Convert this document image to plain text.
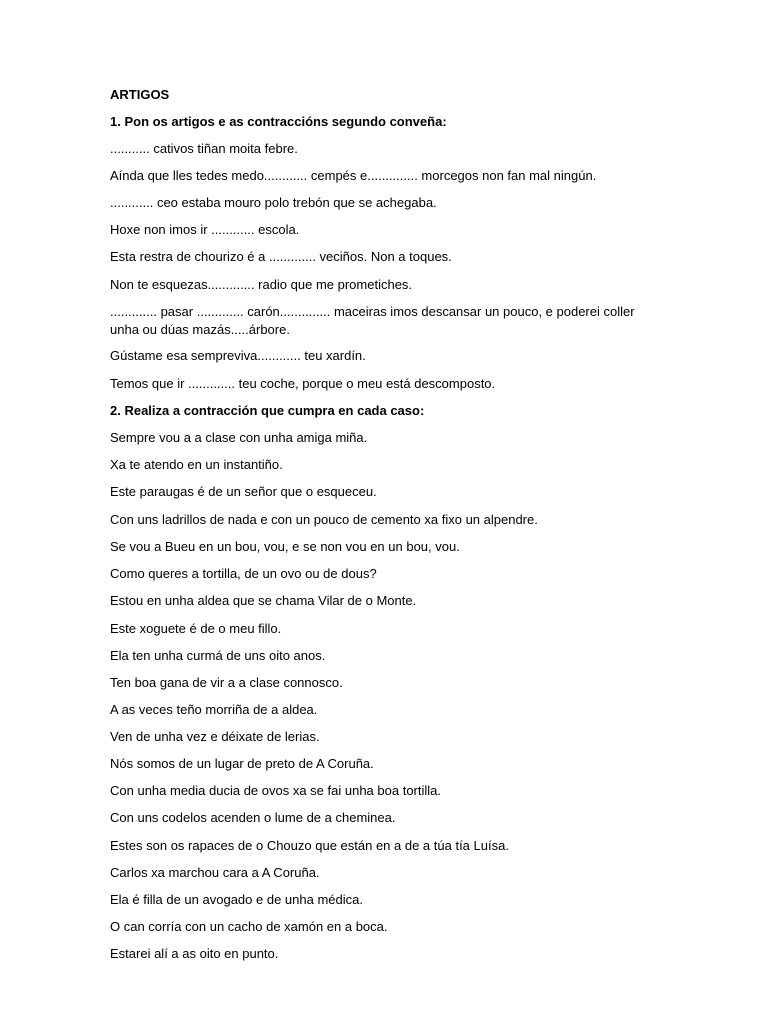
ARTIGOS
1. Pon os artigos e as contraccións segundo conveña:
........... cativos tiñan moita febre.
Aínda que lles tedes medo............ cempés e.............. morcegos non fan mal ningún.
............ ceo estaba mouro polo trebón que se achegaba.
Hoxe non imos ir ............ escola.
Esta restra de chourizo é a ............. veciños. Non a toques.
Non te esquezas............. radio que me prometiches.
............. pasar ............. carón.............. maceiras imos descansar un pouco, e poderei coller unha ou dúas mazás.....árbore.
Gústame esa sempreviva............ teu xardín.
Temos que ir ............. teu coche, porque o meu está descomposto.
2. Realiza a contracción que cumpra en cada caso:
Sempre vou a a clase con unha amiga miña.
Xa te atendo en un instantiño.
Este paraugas é de un señor que o esqueceu.
Con uns ladrillos de nada e con un pouco de cemento xa fixo un alpendre.
Se vou a Bueu en un bou, vou, e se non vou en un bou, vou.
Como queres a tortilla, de un ovo ou de dous?
Estou en unha aldea que se chama Vilar de o Monte.
Este xoguete é de o meu fillo.
Ela ten unha curmá de uns oito anos.
Ten boa gana de vir a a clase connosco.
A as veces teño morriña de a aldea.
Ven de unha vez e déixate de lerias.
Nós somos de un lugar de preto de A Coruña.
Con unha media ducia de ovos xa se fai unha boa tortilla.
Con uns codelos acenden o lume de a cheminea.
Estes son os rapaces de o Chouzo que están en a de a túa tía Luísa.
Carlos xa marchou cara a A Coruña.
Ela é filla de un avogado e de unha médica.
O can corría con un cacho de xamón en a boca.
Estarei alí a as oito en punto.
